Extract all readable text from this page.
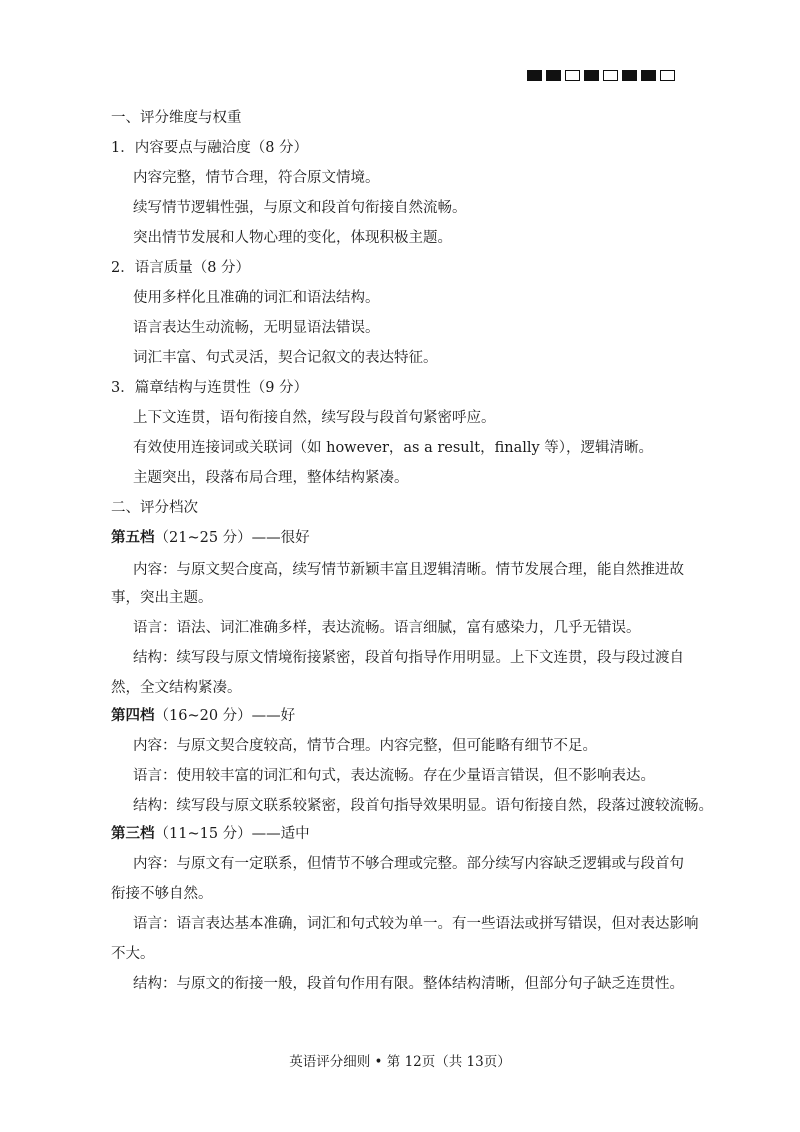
一、评分维度与权重
1．内容要点与融洽度（8 分）
内容完整，情节合理，符合原文情境。
续写情节逻辑性强，与原文和段首句衔接自然流畅。
突出情节发展和人物心理的变化，体现积极主题。
2．语言质量（8 分）
使用多样化且准确的词汇和语法结构。
语言表达生动流畅，无明显语法错误。
词汇丰富、句式灵活，契合记叙文的表达特征。
3．篇章结构与连贯性（9 分）
上下文连贯，语句衔接自然，续写段与段首句紧密呼应。
有效使用连接词或关联词（如 however，as a result，finally 等），逻辑清晰。
主题突出，段落布局合理，整体结构紧凑。
二、评分档次
第五档（21~25 分）——很好
内容：与原文契合度高，续写情节新颖丰富且逻辑清晰。情节发展合理，能自然推进故
事，突出主题。
语言：语法、词汇准确多样，表达流畅。语言细腻，富有感染力，几乎无错误。
结构：续写段与原文情境衔接紧密，段首句指导作用明显。上下文连贯，段与段过渡自
然，全文结构紧凑。
第四档（16~20 分）——好
内容：与原文契合度较高，情节合理。内容完整，但可能略有细节不足。
语言：使用较丰富的词汇和句式，表达流畅。存在少量语言错误，但不影响表达。
结构：续写段与原文联系较紧密，段首句指导效果明显。语句衔接自然，段落过渡较流畅。
第三档（11~15 分）——适中
内容：与原文有一定联系，但情节不够合理或完整。部分续写内容缺乏逻辑或与段首句
衔接不够自然。
语言：语言表达基本准确，词汇和句式较为单一。有一些语法或拼写错误，但对表达影响
不大。
结构：与原文的衔接一般，段首句作用有限。整体结构清晰，但部分句子缺乏连贯性。
英语评分细则 • 第 12页（共 13页）
